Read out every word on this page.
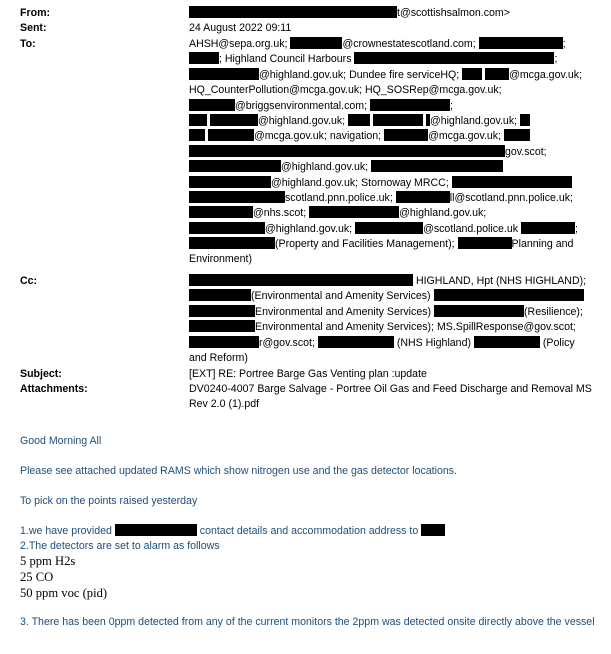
From:	t@scottishsalmon.com>
Sent:	24 August 2022 09:11
To:	AHSH@sepa.org.uk;	@crownestatescotland.com;	;
; Highland Council Harbours	;
@highland.gov.uk; Dundee fire serviceHQ;	@mcga.gov.uk;
HQ_CounterPollution@mcga.gov.uk; HQ_SOSRep@mcga.gov.uk;
@briggsenvironmental.com;	;
@highland.gov.uk;	@highland.gov.uk;
@mcga.gov.uk; navigation;	@mcga.gov.uk;
gov.scot;
@highland.gov.uk;
@highland.gov.uk; Stornoway MRCC;
scotland.pnn.police.uk;	ll@scotland.pnn.police.uk;
@nhs.scot;	@highland.gov.uk;
@highland.gov.uk;	@scotland.police.uk	;
(Property and Facilities Management);	Planning and
Environment)
Cc:	HIGHLAND, Hpt (NHS HIGHLAND);
(Environmental and Amenity Services)
Environmental and Amenity Services)	(Resilience);
Environmental and Amenity Services); MS.SpillResponse@gov.scot;
r@gov.scot;	(NHS Highland)	(Policy
and Reform)
Subject:	[EXT] RE: Portree Barge Gas Venting plan :update
Attachments:	DV0240-4007 Barge Salvage - Portree Oil Gas and Feed Discharge and Removal MS Rev 2.0 (1).pdf

Good Morning All

Please see attached updated RAMS which show nitrogen use and the gas detector locations.

To pick on the points raised yesterday

1.we have provided	contact details and accommodation address to

2.The detectors are set to alarm as follows

5 ppm H2s

25 CO

50 ppm voc (pid)

3. There has been 0ppm detected from any of the current monitors the 2ppm was detected onsite directly above the vessel
